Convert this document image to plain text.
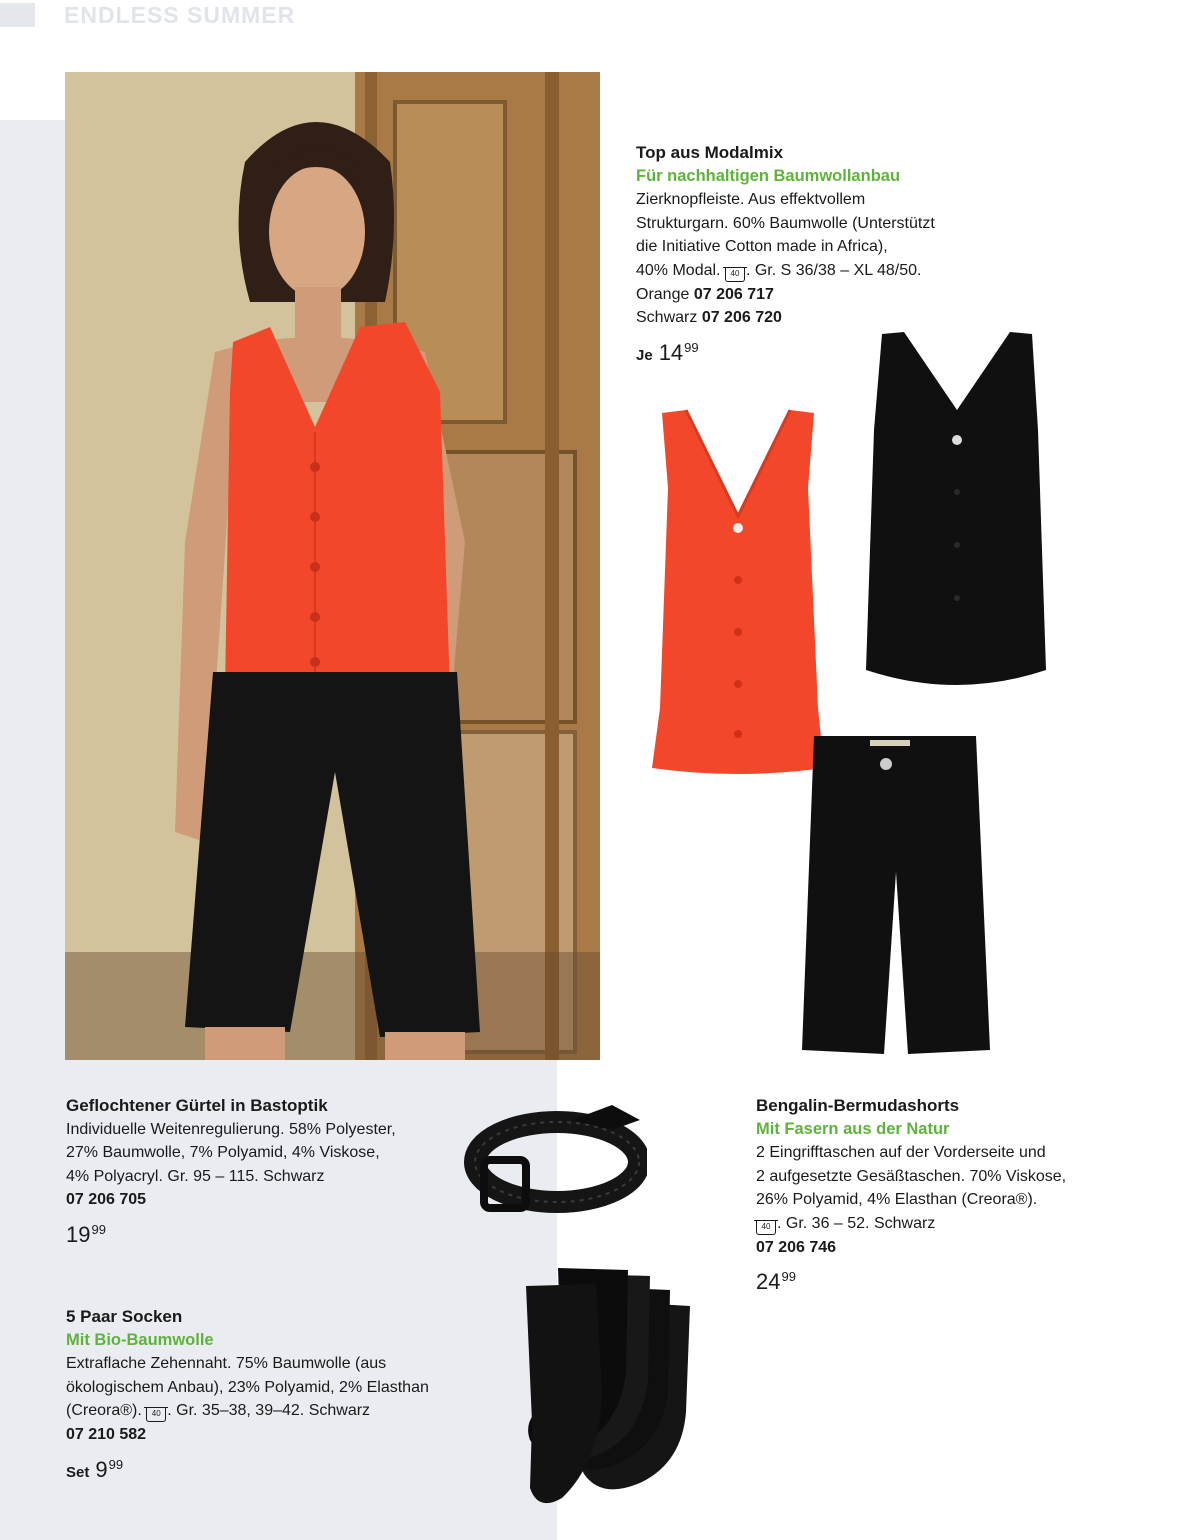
ENDLESS SUMMER
Top aus Modalmix
Für nachhaltigen Baumwollanbau
Zierknopfleiste. Aus effektvollem
Strukturgarn. 60% Baumwolle (Unterstützt
die Initiative Cotton made in Africa),
40% Modal. 40 . Gr. S 36/38 – XL 48/50.
Orange 07 206 717
Schwarz 07 206 720
Je $14^{99}$
Geflochtener Gürtel in Bastoptik
Individuelle Weitenregulierung. 58% Polyester,
27% Baumwolle, 7% Polyamid, 4% Viskose,
4% Polyacryl. Gr. 95 – 115. Schwarz
07 206 705
$19^{99}$
Bengalin-Bermudashorts
Mit Fasern aus der Natur
2 Eingrifftaschen auf der Vorderseite und
2 aufgesetzte Gesäßtaschen. 70% Viskose,
26% Polyamid, 4% Elasthan (Creora®).
40 . Gr. 36 – 52. Schwarz
07 206 746
$24^{99}$
5 Paar Socken
Mit Bio-Baumwolle
Extraflache Zehennaht. 75% Baumwolle (aus
ökologischem Anbau), 23% Polyamid, 2% Elasthan
(Creora®). 40 . Gr. 35–38, 39–42. Schwarz
07 210 582
Set $9^{99}$
